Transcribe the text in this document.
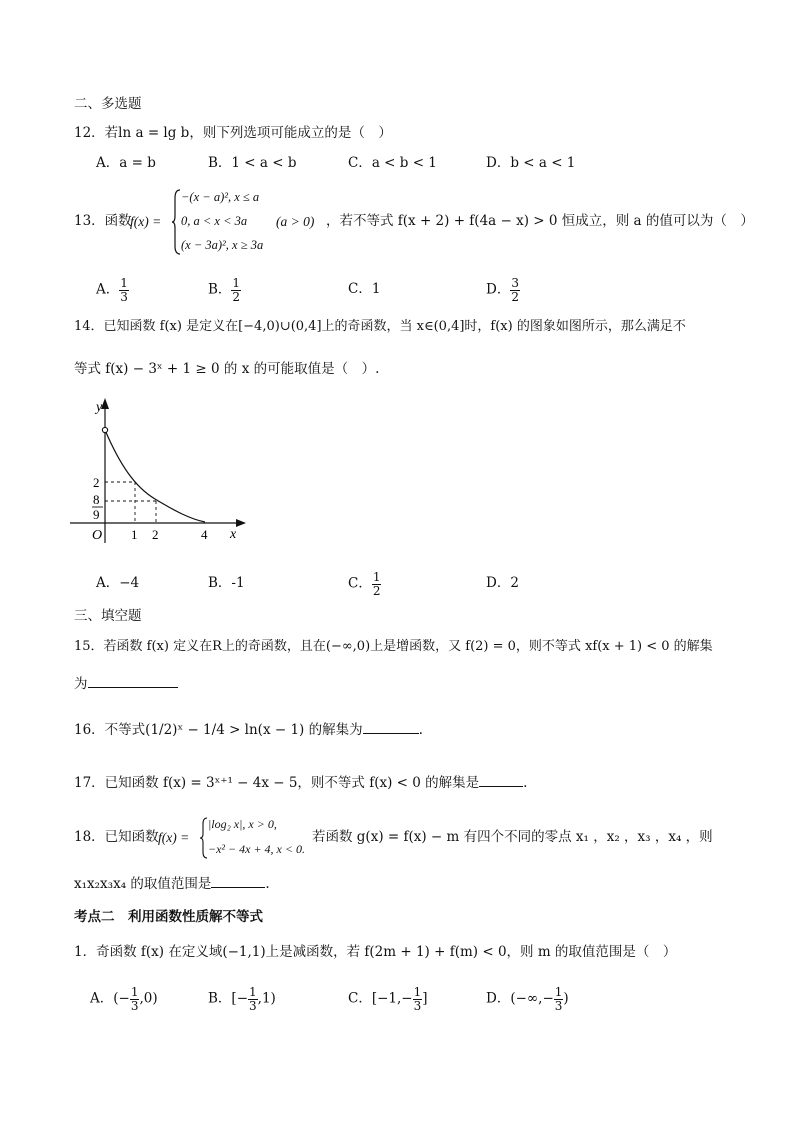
二、多选题
12．若ln a = lg b，则下列选项可能成立的是（　）
A．a = b	B．1 < a < b	C．a < b < 1	D．b < a < 1
13．函数
f(x) =
−(x − a)², x ≤ a
0, a < x < 3a
(x − 3a)², x ≥ 3a
(a > 0) ，若不等式 f(x + 2) + f(4a − x) > 0 恒成立，则 a 的值可以为（　）
A． $\frac{1}{3}$	B． $\frac{1}{2}$	C．1	D． $\frac{3}{2}$
14．已知函数 f(x) 是定义在[−4,0)∪(0,4]上的奇函数，当 x∈(0,4]时，f(x) 的图象如图所示，那么满足不
等式 f(x) − 3ˣ + 1 ≥ 0 的 x 的可能取值是（　）.
y
x
O
2
8
9
1 2	4
A．−4	B．-1	C． $\frac{1}{2}$	D．2
三、填空题
15．若函数 f(x) 定义在R上的奇函数，且在(−∞,0)上是增函数，又 f(2) = 0，则不等式 xf(x + 1) < 0 的解集
为
16．不等式(1/2)ˣ − 1/4 > ln(x − 1) 的解集为	.
17．已知函数 f(x) = 3ˣ⁺¹ − 4x − 5，则不等式 f(x) < 0 的解集是	.
18．已知函数 f(x) =
|log₂ x|, x > 0,
−x² − 4x + 4, x < 0.
若函数 g(x) = f(x) − m 有四个不同的零点 x₁ ，x₂ ，x₃ ，x₄ ，则
x₁x₂x₃x₄ 的取值范围是	.
考点二　利用函数性质解不等式
1．奇函数 f(x) 在定义域(−1,1)上是减函数，若 f(2m + 1) + f(m) < 0，则 m 的取值范围是（　）
A．(− $\frac{1}{3} ,0$)	B．[− $\frac{1}{3} ,1$)	C．[$-1,- \frac{1}{3}$ ]	D．(−∞,− $\frac{1}{3}$ )
